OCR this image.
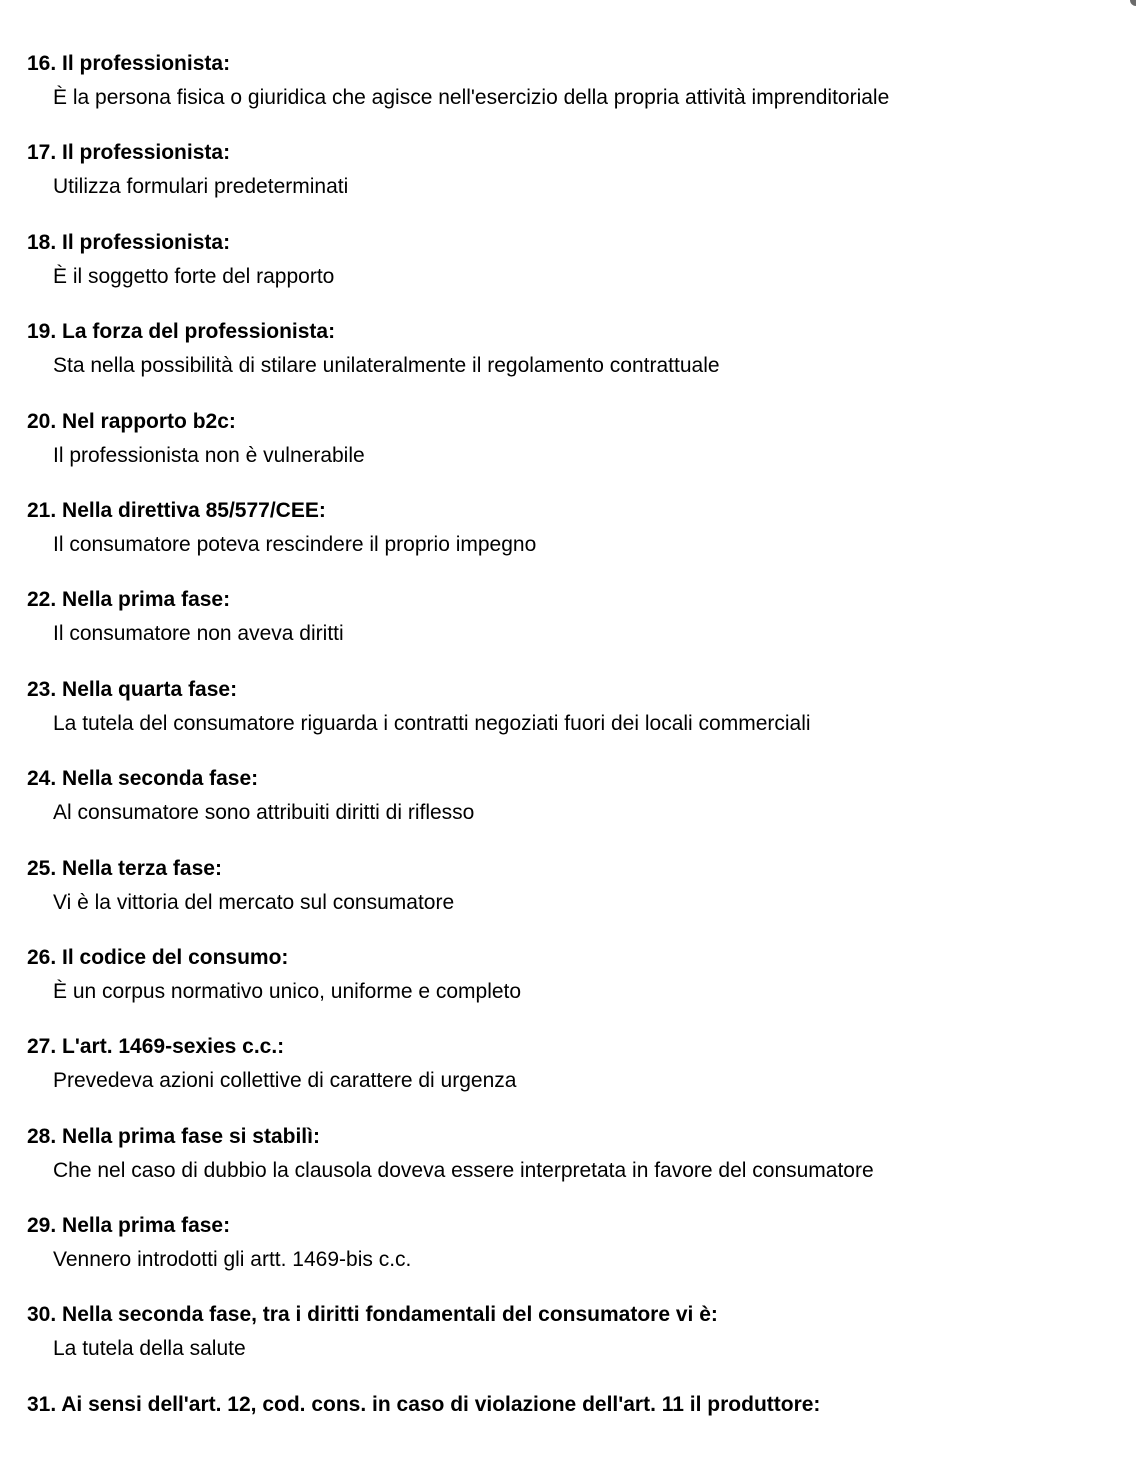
16. Il professionista:
È la persona fisica o giuridica che agisce nell'esercizio della propria attività imprenditoriale
17. Il professionista:
Utilizza formulari predeterminati
18. Il professionista:
È il soggetto forte del rapporto
19. La forza del professionista:
Sta nella possibilità di stilare unilateralmente il regolamento contrattuale
20. Nel rapporto b2c:
Il professionista non è vulnerabile
21. Nella direttiva 85/577/CEE:
Il consumatore poteva rescindere il proprio impegno
22. Nella prima fase:
Il consumatore non aveva diritti
23. Nella quarta fase:
La tutela del consumatore riguarda i contratti negoziati fuori dei locali commerciali
24. Nella seconda fase:
Al consumatore sono attribuiti diritti di riflesso
25. Nella terza fase:
Vi è la vittoria del mercato sul consumatore
26. Il codice del consumo:
È un corpus normativo unico, uniforme e completo
27. L'art. 1469-sexies c.c.:
Prevedeva azioni collettive di carattere di urgenza
28. Nella prima fase si stabilì:
Che nel caso di dubbio la clausola doveva essere interpretata in favore del consumatore
29. Nella prima fase:
Vennero introdotti gli artt. 1469-bis c.c.
30. Nella seconda fase, tra i diritti fondamentali del consumatore vi è:
La tutela della salute
31. Ai sensi dell'art. 12, cod. cons. in caso di violazione dell'art. 11 il produttore:
